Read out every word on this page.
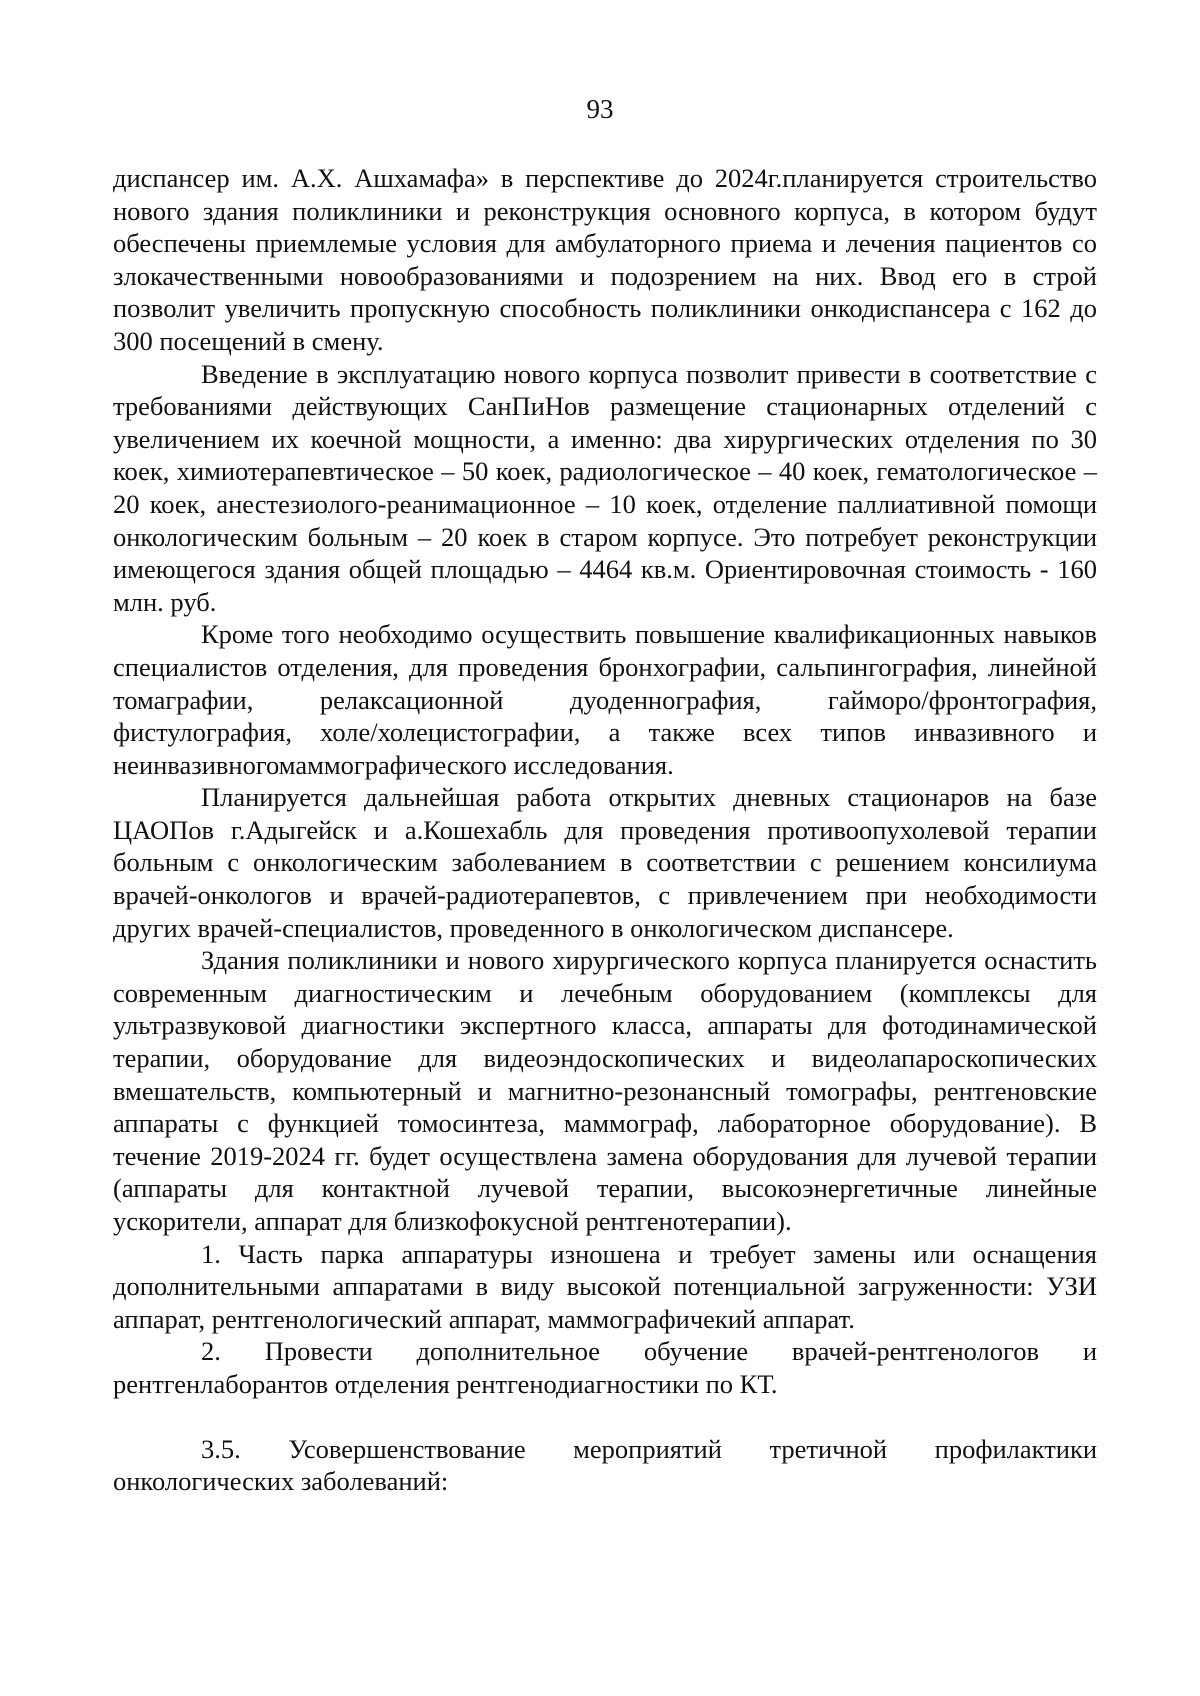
93

диспансер им. А.Х. Ашхамафа» в перспективе до 2024г.планируется строительство нового здания поликлиники и реконструкция основного корпуса, в котором будут обеспечены приемлемые условия для амбулаторного приема и лечения пациентов со злокачественными новообразованиями и подозрением на них. Ввод его в строй позволит увеличить пропускную способность поликлиники онкодиспансера с 162 до 300 посещений в смену.

Введение в эксплуатацию нового корпуса позволит привести в соответствие с требованиями действующих СанПиНов размещение стационарных отделений с увеличением их коечной мощности, а именно: два хирургических отделения по 30 коек, химиотерапевтическое – 50 коек, радиологическое – 40 коек, гематологическое – 20 коек, анестезиолого-реанимационное – 10 коек, отделение паллиативной помощи онкологическим больным – 20 коек в старом корпусе. Это потребует реконструкции имеющегося здания общей площадью – 4464 кв.м. Ориентировочная стоимость - 160 млн. руб.

Кроме того необходимо осуществить повышение квалификационных навыков специалистов отделения, для проведения бронхографии, сальпингография, линейной томаграфии, релаксационной дуоденнография, гайморо/фронтография, фистулография, холе/холецистографии, а также всех типов инвазивного и неинвазивногомаммографического исследования.

Планируется дальнейшая работа открытих дневных стационаров на базе ЦАОПов г.Адыгейск и а.Кошехабль для проведения противоопухолевой терапии больным с онкологическим заболеванием в соответствии с решением консилиума врачей-онкологов и врачей-радиотерапевтов, с привлечением при необходимости других врачей-специалистов, проведенного в онкологическом диспансере.

Здания поликлиники и нового хирургического корпуса планируется оснастить современным диагностическим и лечебным оборудованием (комплексы для ультразвуковой диагностики экспертного класса, аппараты для фотодинамической терапии, оборудование для видеоэндоскопических и видеолапароскопических вмешательств, компьютерный и магнитно-резонансный томографы, рентгеновские аппараты с функцией томосинтеза, маммограф, лабораторное оборудование). В течение 2019-2024 гг. будет осуществлена замена оборудования для лучевой терапии (аппараты для контактной лучевой терапии, высокоэнергетичные линейные ускорители, аппарат для близкофокусной рентгенотерапии).

1. Часть парка аппаратуры изношена и требует замены или оснащения дополнительными аппаратами в виду высокой потенциальной загруженности: УЗИ аппарат, рентгенологический аппарат, маммографичекий аппарат.

2. Провести дополнительное обучение врачей-рентгенологов и рентгенлаборантов отделения рентгенодиагностики по КТ.

3.5. Усовершенствование мероприятий третичной профилактики онкологических заболеваний:
